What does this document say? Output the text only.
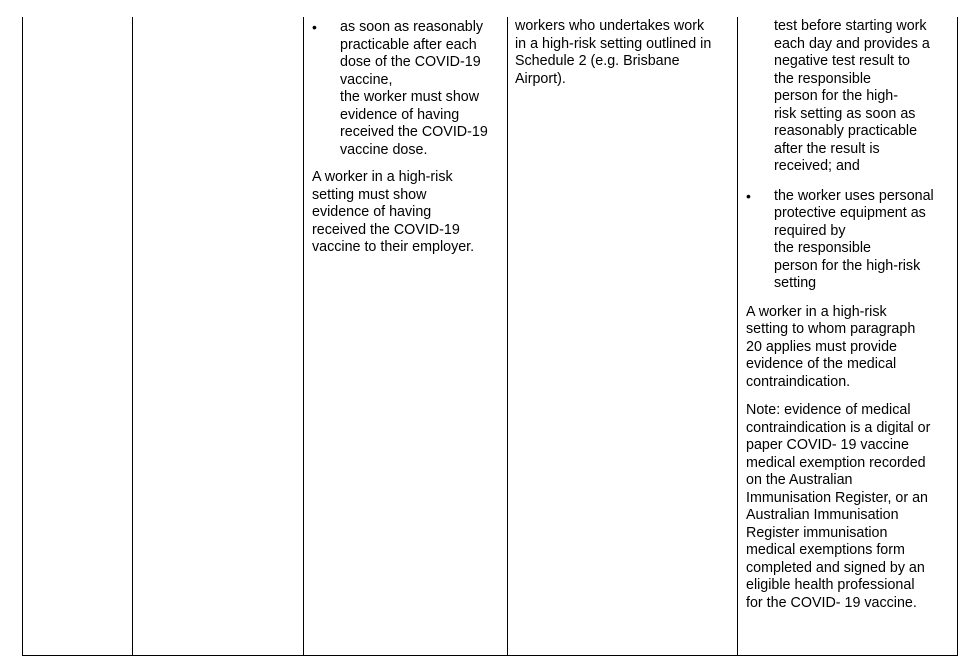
• as soon as reasonably

practicable after each

dose of the COVID-19

vaccine,

the worker must show

evidence of having

received the COVID-19

vaccine dose.

A worker in a high-risk

setting must show

evidence of having

received the COVID-19

vaccine to their employer.

workers who undertakes work

in a high-risk setting outlined in

Schedule 2 (e.g. Brisbane

Airport).

test before starting work

each day and provides a

negative test result to

the responsible

person for the high-

risk setting as soon as

reasonably practicable

after the result is

received; and

• the worker uses personal

protective equipment as

required by

the responsible

person for the high-risk

setting

A worker in a high-risk

setting to whom paragraph

20 applies must provide

evidence of the medical

contraindication.

Note: evidence of medical

contraindication is a digital or

paper COVID- 19 vaccine

medical exemption recorded

on the Australian

Immunisation Register, or an

Australian Immunisation

Register immunisation

medical exemptions form

completed and signed by an

eligible health professional

for the COVID- 19 vaccine.
